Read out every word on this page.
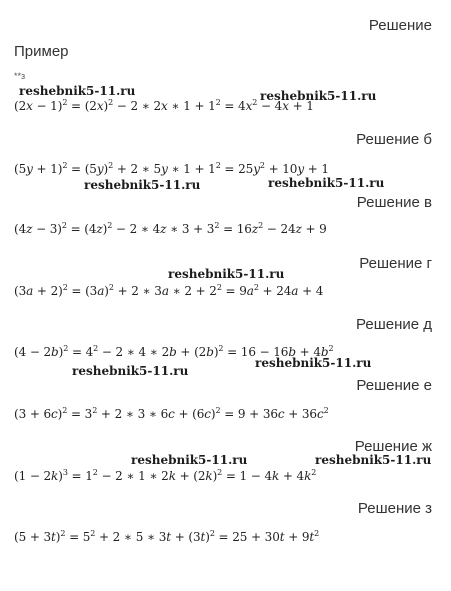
Решение
Пример
**з
reshebnik5-11.ru	reshebnik5-11.ru
reshebnik5-11.ru	reshebnik5-11.ru
reshebnik5-11.ru
reshebnik5-11.ru
reshebnik5-11.ru
reshebnik5-11.ru	reshebnik5-11.ru
$(2x - 1)^2 = (2x)^2 - 2$ ∗ 2x ∗ $1 + 1^2 = 4x^2 - 4x + 1$
Решение б
$(5y + 1)^2 = (5y)^2 + 2$ ∗ 5y ∗ $1 + 1^2 = 25y^2 + 10y + 1$
Решение в
$(4z - 3)^2 = (4z)^2 - 2$ ∗ 4z ∗ $3 + 3^2 = 16z^2 - 24z + 9$
Решение г
$(3a + 2)^2 = (3a)^2 + 2$ ∗ 3a ∗ $2 + 2^2 = 9a^2 + 24a + 4$
Решение д
$(4 - 2b)^2 = 4^2 - 2$ ∗ 4 ∗ $2b + (2b)^2 = 16 - 16b + 4b^2$
Решение е
$(3 + 6c)^2 = 3^2 + 2$ ∗ 3 ∗ $6c + (6c)^2 = 9 + 36c + 36c^2$
Решение ж
$(1 - 2k)^3 = 1^2 - 2$ ∗ 1 ∗ $2k + (2k)^2 = 1 - 4k + 4k^2$
Решение з
$(5 + 3t)^2 = 5^2 + 2$ ∗ 5 ∗ $3t + (3t)^2 = 25 + 30t + 9t^2$
